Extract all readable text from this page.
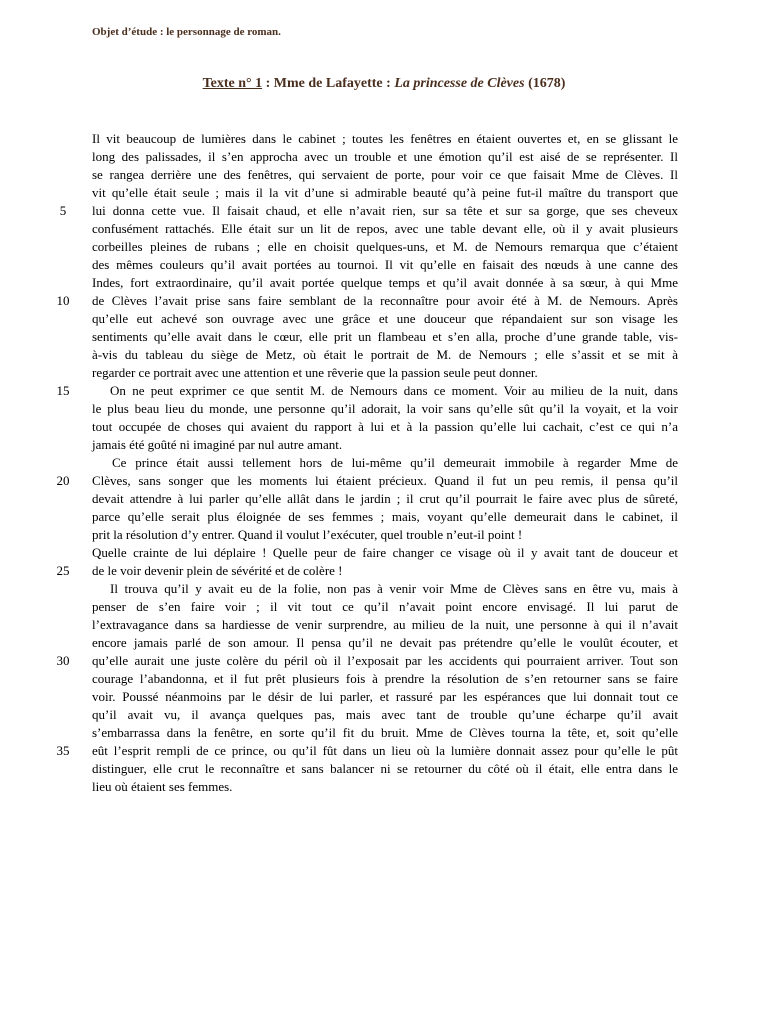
Objet d’étude : le personnage de roman.
Texte n° 1 : Mme de Lafayette : La princesse de Clèves (1678)
Il vit beaucoup de lumières dans le cabinet ; toutes les fenêtres en étaient ouvertes et, en se glissant le
long des palissades, il s’en approcha avec un trouble et une émotion qu’il est aisé de se représenter. Il
se rangea derrière une des fenêtres, qui servaient de porte, pour voir ce que faisait Mme de Clèves. Il
vit qu’elle était seule ; mais il la vit d’une si admirable beauté qu’à peine fut-il maître du transport que
5	lui donna cette vue. Il faisait chaud, et elle n’avait rien, sur sa tête et sur sa gorge, que ses cheveux
confusément rattachés. Elle était sur un lit de repos, avec une table devant elle, où il y avait plusieurs
corbeilles pleines de rubans ; elle en choisit quelques-uns, et M. de Nemours remarqua que c’étaient
des mêmes couleurs qu’il avait portées au tournoi. Il vit qu’elle en faisait des nœuds à une canne des
Indes, fort extraordinaire, qu’il avait portée quelque temps et qu’il avait donnée à sa sœur, à qui Mme
10	de Clèves l’avait prise sans faire semblant de la reconnaître pour avoir été à M. de Nemours. Après
qu’elle eut achevé son ouvrage avec une grâce et une douceur que répandaient sur son visage les
sentiments qu’elle avait dans le cœur, elle prit un flambeau et s’en alla, proche d’une grande table, vis-
à-vis du tableau du siège de Metz, où était le portrait de M. de Nemours ; elle s’assit et se mit à
regarder ce portrait avec une attention et une rêverie que la passion seule peut donner.
15	On ne peut exprimer ce que sentit M. de Nemours dans ce moment. Voir au milieu de la nuit, dans
le plus beau lieu du monde, une personne qu’il adorait, la voir sans qu’elle sût qu’il la voyait, et la voir
tout occupée de choses qui avaient du rapport à lui et à la passion qu’elle lui cachait, c’est ce qui n’a
jamais été goûté ni imaginé par nul autre amant.
Ce prince était aussi tellement hors de lui-même qu’il demeurait immobile à regarder Mme de
20	Clèves, sans songer que les moments lui étaient précieux. Quand il fut un peu remis, il pensa qu’il
devait attendre à lui parler qu’elle allât dans le jardin ; il crut qu’il pourrait le faire avec plus de sûreté,
parce qu’elle serait plus éloignée de ses femmes ; mais, voyant qu’elle demeurait dans le cabinet, il
prit la résolution d’y entrer. Quand il voulut l’exécuter, quel trouble n’eut-il point !
Quelle crainte de lui déplaire ! Quelle peur de faire changer ce visage où il y avait tant de douceur et
25	de le voir devenir plein de sévérité et de colère !
Il trouva qu’il y avait eu de la folie, non pas à venir voir Mme de Clèves sans en être vu, mais à
penser de s’en faire voir ; il vit tout ce qu’il n’avait point encore envisagé. Il lui parut de
l’extravagance dans sa hardiesse de venir surprendre, au milieu de la nuit, une personne à qui il n’avait
encore jamais parlé de son amour. Il pensa qu’il ne devait pas prétendre qu’elle le voulût écouter, et
30	qu’elle aurait une juste colère du péril où il l’exposait par les accidents qui pourraient arriver. Tout son
courage l’abandonna, et il fut prêt plusieurs fois à prendre la résolution de s’en retourner sans se faire
voir. Poussé néanmoins par le désir de lui parler, et rassuré par les espérances que lui donnait tout ce
qu’il avait vu, il avança quelques pas, mais avec tant de trouble qu’une écharpe qu’il avait
s’embarrassa dans la fenêtre, en sorte qu’il fit du bruit. Mme de Clèves tourna la tête, et, soit qu’elle
35	eût l’esprit rempli de ce prince, ou qu’il fût dans un lieu où la lumière donnait assez pour qu’elle le pût
distinguer, elle crut le reconnaître et sans balancer ni se retourner du côté où il était, elle entra dans le
lieu où étaient ses femmes.
